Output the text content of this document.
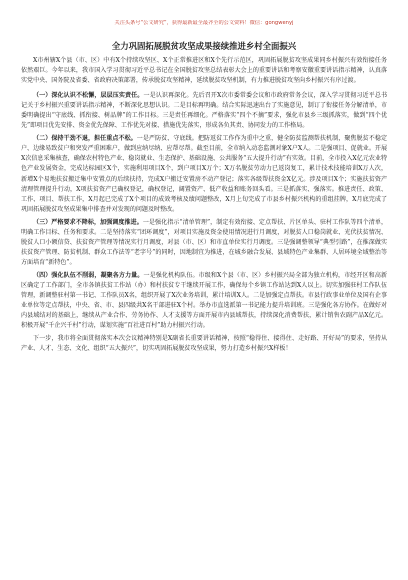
关注头条号“公文研究”，获得最新最全最齐全的公文资料！微信：gongwenyj
全力巩固拓展脱贫攻坚成果接续推进乡村全面振兴

X市州辖X个县（市、区）中有X个持续攻坚区、X个正常推进区和X个先行示范区，巩固拓展脱贫攻坚成果同乡村振兴有效衔接任务依然艰巨。今年以来，我市国入学习贯彻习近平总书记在全国脱贫攻坚总结表彰大会上的重要讲话和考察安徽重要讲话指示精神，认真落实党中央、国务院及省委、省政府决策部署，传承脱贫攻坚精神，延续脱贫攻坚机制，有力推进脱贫攻坚向乡村振兴有序过渡。

（一）深化认识不松懈，层层压实责任。一是认识再深化。先后召开X次市委常委会议和市政府常务会议，深入学习贯彻习近平总书记关于乡村振兴重要讲话指示精神，不断深化思想认识。二是目标再明确。结合实际迅速出台了实施意见，制订了衔接任务分解清单，市委明确提出“守底线、抓衔接、树品牌”的工作目标。三是责任再细化。严格落实“四个不摘”要求，强化市县乡三级抓落实，做到“四个优先”即项目优先安排、资金优先保障、工作优先对接、措施优先落实，形成各负其责、协同发力的工作格局。

（二）保持干劲不退，担任重点不松。一是严防贫、守底线。把防返贫工作作为重中之重，健全防贫监测帮扶机制，聚焦脱贫不稳定户、边缘易致贫户和突发严重困难户，做到应纳尽纳、应帮尽帮。截至目前，全市纳入动态监测对象X户X人。二是强项目、促就业。开展X次信息采集核查，确保农村特色产业、稳岗就业、生态保护、基础设施、公共服务“五大提升行动”有实效。目前，全市投入X亿元农业特色产业发展资金，完成达标园区X个，实施利用项目X个，到户项目X万个；X万名脱贫劳动力已返岗复工，累计技术技能培训X万人次，新增X个易地扶贫搬迁集中安置点的后续扶持，完成X户搬迁安置房不动产登记；落实各级帮扶资金X亿元。涉及项目X个；实施扶贫资产清理管理提升行动，X项扶贫资产已确权登记，确权登记，阔置资产、低产收益和账务回头看。三是抓落实、强落实。推进责任、政策、工作、项目、帮扶工作，X月起已完成了X个项目的成效考核及绩问题整改，X月上旬完成了市县乡村振兴机构的重组挂牌，X月底完成了巩固拓展脱贫攻坚成果集中排查并对发现的问题及时整改。

（三）严格要求不降标，加强调度推进。一是强化指示“清单管理”，制定有效衔接、定点帮扶、片区单头、驻村工作队等四个清单，明确工作目标、任务和要求。二是坚持落实“团环调度”，对项目实施及资金使用情况进行月调度，对脱贫人口稳岗就业、光伏扶贫情况、脱贫人口小额信贷、扶贫资产管理等情况实行月调度，对县（市、区）和市直单位实行月调度。三是强调整领导“典型引路”，在推深做实扶贫资产管理、防贫机制、群众工作法等“老字号”的同时，因地制宜为推进，在城乡融合发展、县域特色产业集群、人居环境全域整治等方面培育“新特色”。

（四）强化队伍不削弱，凝聚各方力量。一是强化机构队伍。市级和X个县（市、区）乡村振兴局全部为独立机构，市经开区和高新区确定了工作部门，全市各镇扶贫工作站（办）和村扶贫专干继续开展工作，确保每个乡镇工作站达到X人以上。切实加强驻村工作队伍管理，新调整驻村第一书记、工作队员X名，组织开展了X次业务培训，累计培训X人。二是加强定点帮扶。市县行政事业单位及国有企事业单位等定点帮扶，中央、省、市、县四级共X名干部进驻X个村。举办市直选派第一书记能力提升培训班。三是强化各方协作。在做好对内县域结对的基础上，继续从产业合作、劳务协作、人才支援等方面开展市内县域帮扶，持续深化消费帮扶，累计销售农副产品X亿元。积极开展“千企兴千村”行动，谋划实施“百社进百村”助力村振兴行动。

下一步，我市将全面贯彻落实本次会议精神特别是X副省长重要讲话精神，按照“稳得住、接得住、走好路、开好局”的要求，坚持从产业、人才、生态、文化、组织“五大振兴”，切实巩固拓展脱贫攻坚成果，努力打造乡村振兴X样板！
